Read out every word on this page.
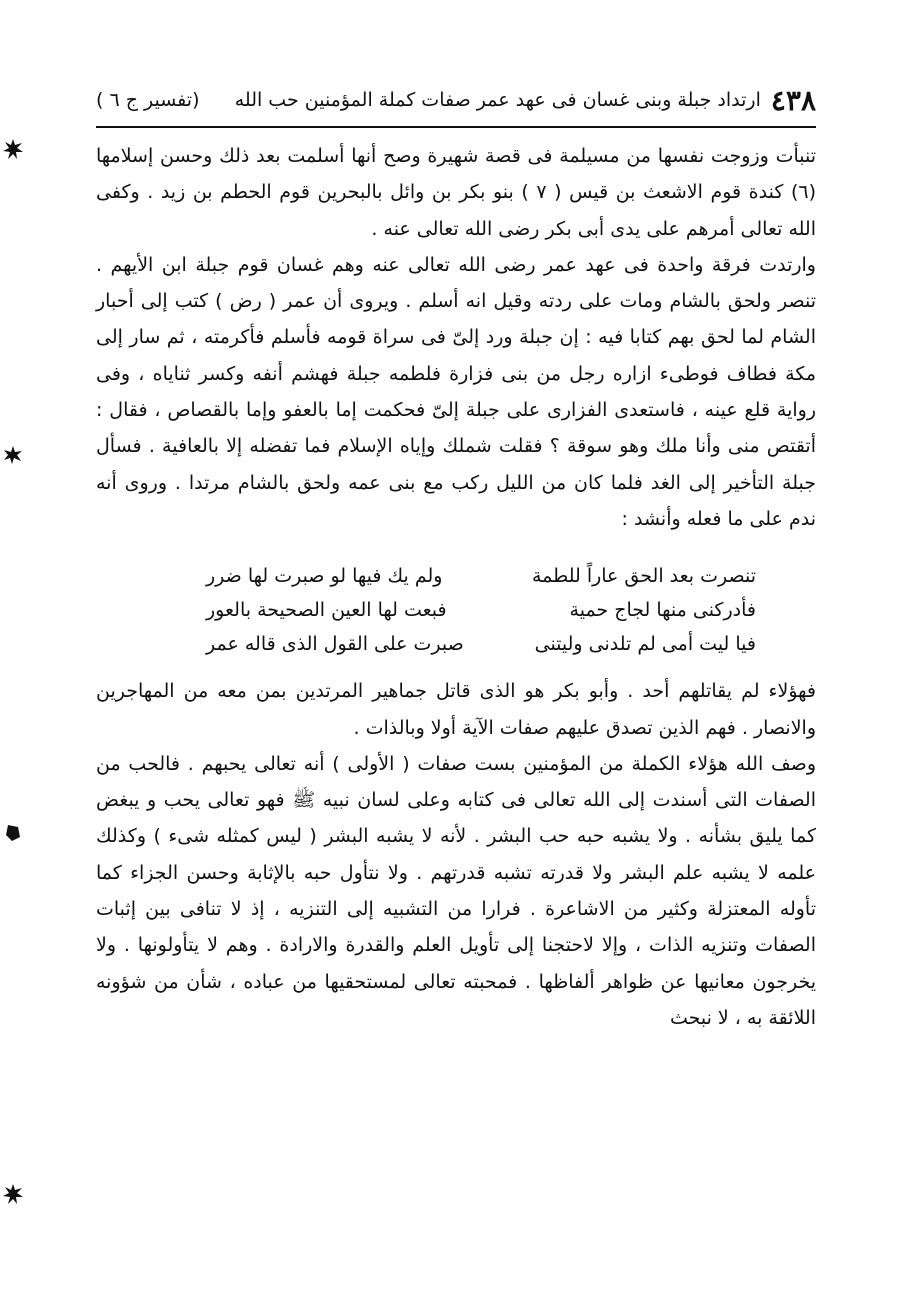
٤٣٨
ارتداد جبلة وبنى غسان فى عهد عمر صفات كملة المؤمنين حب الله
(تفسير ج ٦ )

تنبأت وزوجت نفسها من مسيلمة فى قصة شهيرة وصح أنها أسلمت بعد ذلك وحسن إسلامها (٦) كندة قوم الاشعث بن قيس ( ٧ ) بنو بكر بن وائل بالبحرين قوم الحطم بن زيد . وكفى الله تعالى أمرهم على يدى أبى بكر رضى الله تعالى عنه .

وارتدت فرقة واحدة فى عهد عمر رضى الله تعالى عنه وهم غسان قوم جبلة ابن الأيهم . تنصر ولحق بالشام ومات على ردته وقيل انه أسلم . ويروى أن عمر ( رض ) كتب إلى أحبار الشام لما لحق بهم كتابا فيه : إن جبلة ورد إلىّ فى سراة قومه فأسلم فأكرمته ، ثم سار إلى مكة فطاف فوطىء ازاره رجل من بنى فزارة فلطمه جبلة فهشم أنفه وكسر ثناياه ، وفى رواية قلع عينه ، فاستعدى الفزارى على جبلة إلىّ فحكمت إما بالعفو وإما بالقصاص ، فقال : أتقتص منى وأنا ملك وهو سوقة ؟ فقلت شملك وإياه الإسلام فما تفضله إلا بالعافية . فسأل جبلة التأخير إلى الغد فلما كان من الليل ركب مع بنى عمه ولحق بالشام مرتدا . وروى أنه ندم على ما فعله وأنشد :

تنصرت بعد الحق عاراً للطمة
ولم يك فيها لو صبرت لها ضرر
فأدركنى منها لجاج حمية
فبعت لها العين الصحيحة بالعور
فيا ليت أمى لم تلدنى وليتنى
صبرت على القول الذى قاله عمر

فهؤلاء لم يقاتلهم أحد . وأبو بكر هو الذى قاتل جماهير المرتدين بمن معه من المهاجرين والانصار . فهم الذين تصدق عليهم صفات الآية أولا وبالذات .

وصف الله هؤلاء الكملة من المؤمنين بست صفات ( الأولى ) أنه تعالى يحبهم . فالحب من الصفات التى أسندت إلى الله تعالى فى كتابه وعلى لسان نبيه ﷺ فهو تعالى يحب و يبغض كما يليق بشأنه . ولا يشبه حبه حب البشر . لأنه لا يشبه البشر ( ليس كمثله شىء ) وكذلك علمه لا يشبه علم البشر ولا قدرته تشبه قدرتهم . ولا نتأول حبه بالإثابة وحسن الجزاء كما تأوله المعتزلة وكثير من الاشاعرة . فرارا من التشبيه إلى التنزيه ، إذ لا تنافى بين إثبات الصفات وتنزيه الذات ، وإلا لاحتجنا إلى تأويل العلم والقدرة والارادة . وهم لا يتأولونها . ولا يخرجون معانيها عن ظواهر ألفاظها . فمحبته تعالى لمستحقيها من عباده ، شأن من شؤونه اللائقة به ، لا نبحث
